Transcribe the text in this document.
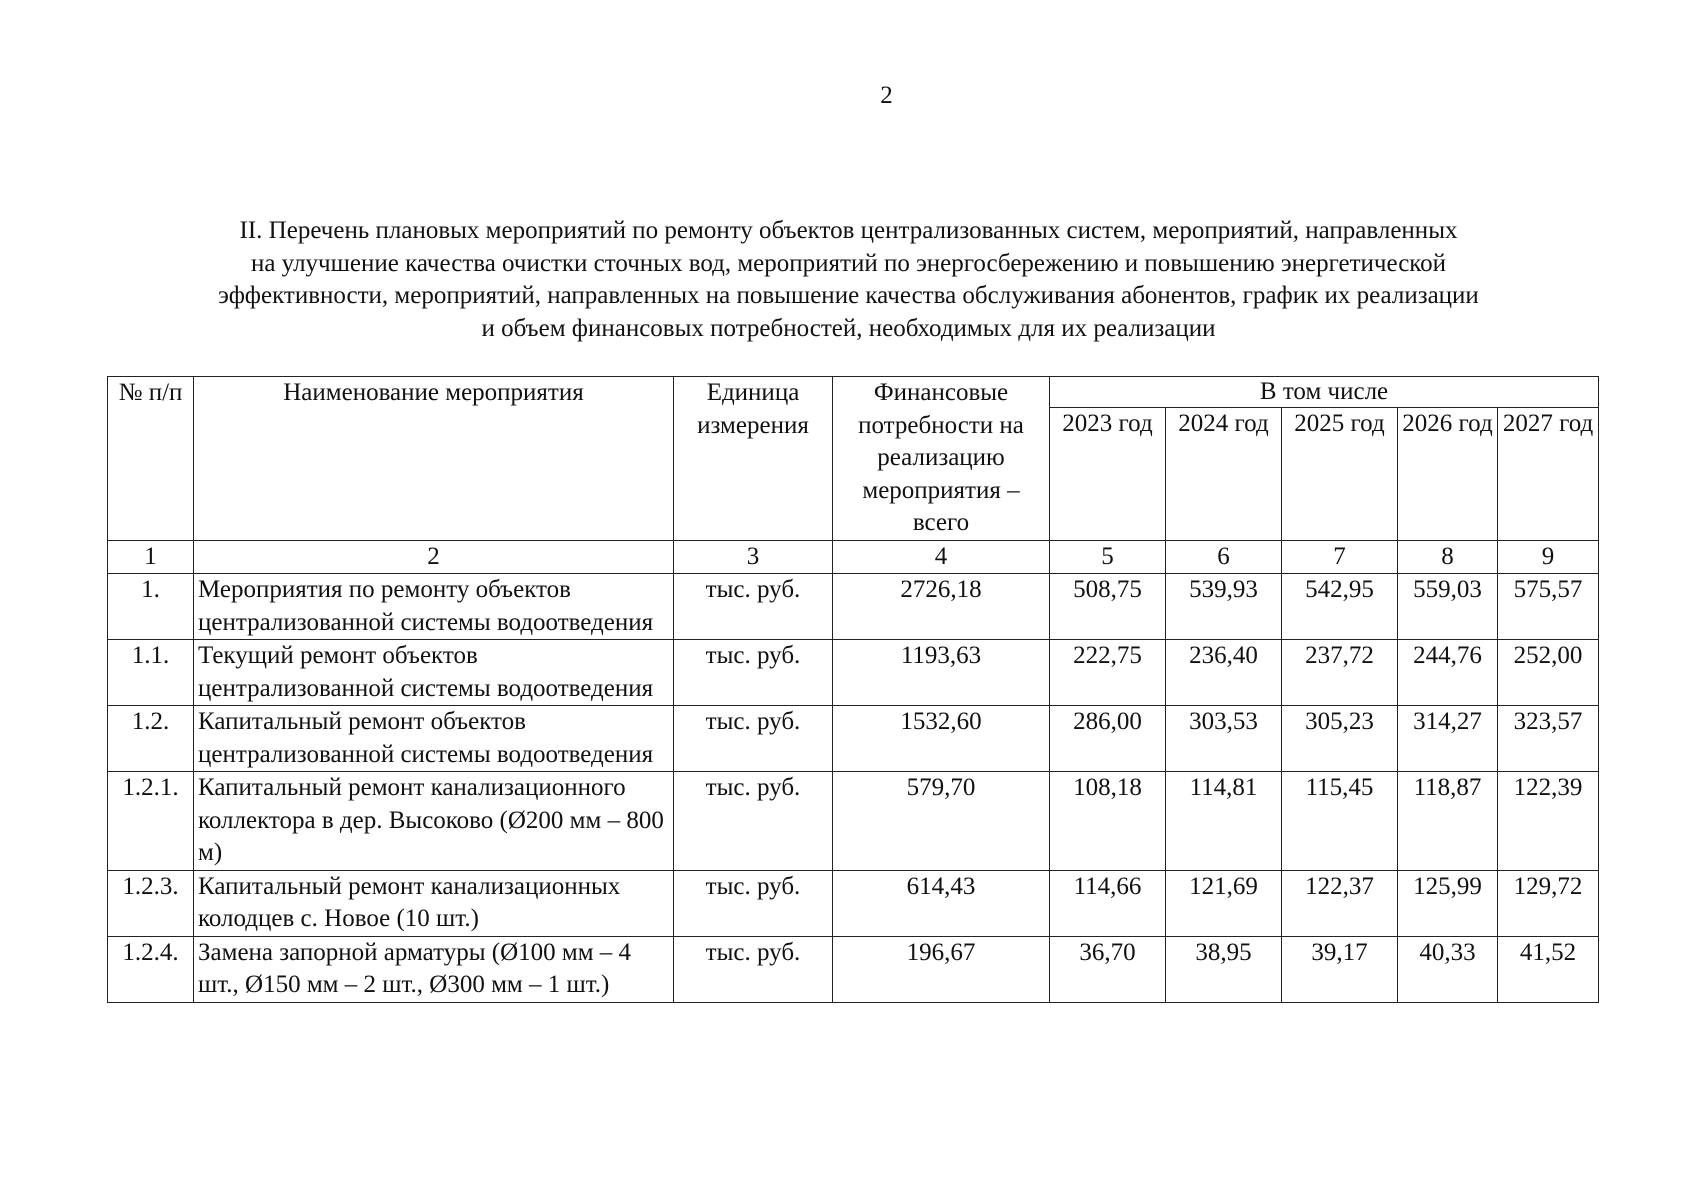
2
II. Перечень плановых мероприятий по ремонту объектов централизованных систем, мероприятий, направленных
на улучшение качества очистки сточных вод, мероприятий по энергосбережению и повышению энергетической
эффективности, мероприятий, направленных на повышение качества обслуживания абонентов, график их реализации
и объем финансовых потребностей, необходимых для их реализации
№ п/п	Наименование мероприятия	Единица измерения	Финансовые потребности на реализацию мероприятия – всего	В том числе				
				2023 год	2024 год	2025 год	2026 год	2027 год
1	2	3	4	5	6	7	8	9
1.	Мероприятия по ремонту объектов централизованной системы водоотведения	тыс. руб.	2726,18	508,75	539,93	542,95	559,03	575,57
1.1.	Текущий ремонт объектов централизованной системы водоотведения	тыс. руб.	1193,63	222,75	236,40	237,72	244,76	252,00
1.2.	Капитальный ремонт объектов централизованной системы водоотведения	тыс. руб.	1532,60	286,00	303,53	305,23	314,27	323,57
1.2.1.	Капитальный ремонт канализационного коллектора в дер. Высоково (Ø200 мм – 800 м)	тыс. руб.	579,70	108,18	114,81	115,45	118,87	122,39
1.2.3.	Капитальный ремонт канализационных колодцев с. Новое (10 шт.)	тыс. руб.	614,43	114,66	121,69	122,37	125,99	129,72
1.2.4.	Замена запорной арматуры (Ø100 мм – 4 шт., Ø150 мм – 2 шт., Ø300 мм – 1 шт.)	тыс. руб.	196,67	36,70	38,95	39,17	40,33	41,52
